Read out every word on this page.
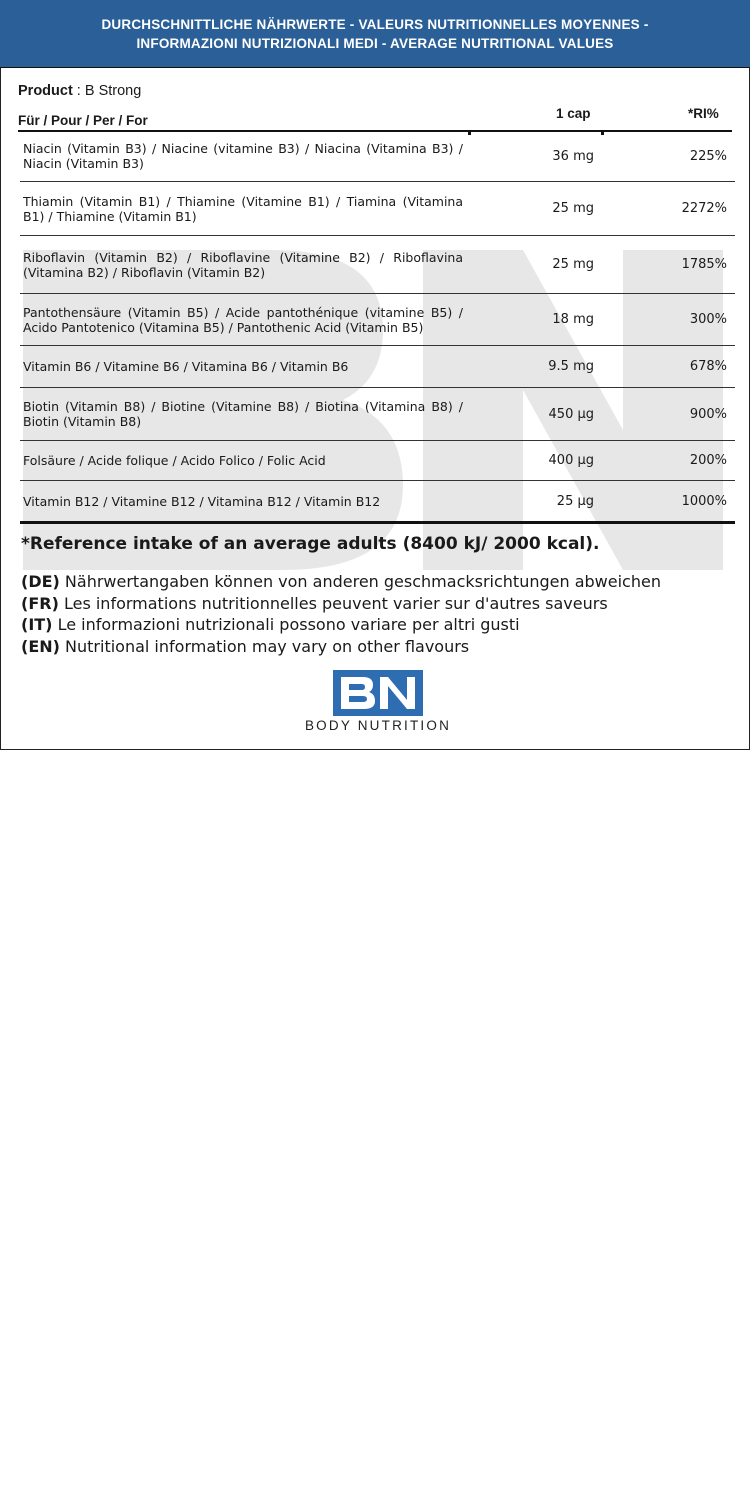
DURCHSCHNITTLICHE NÄHRWERTE - VALEURS NUTRITIONNELLES MOYENNES -
INFORMAZIONI NUTRIZIONALI MEDI - AVERAGE NUTRITIONAL VALUES
Product : B Strong
Für / Pour / Per / For	1 cap	*RI%
Niacin (Vitamin B3) / Niacine (vitamine B3) / Niacina (Vitamina B3) / Niacin (Vitamin B3)	36 mg	225%
Thiamin (Vitamin B1) / Thiamine (Vitamine B1) / Tiamina (Vitamina B1) / Thiamine (Vitamin B1)	25 mg	2272%
Riboflavin (Vitamin B2) / Riboflavine (Vitamine B2) / Riboflavina (Vitamina B2) / Riboflavin (Vitamin B2)	25 mg	1785%
Pantothensäure (Vitamin B5) / Acide pantothénique (vitamine B5) / Acido Pantotenico (Vitamina B5) / Pantothenic Acid (Vitamin B5)	18 mg	300%
Vitamin B6 / Vitamine B6 / Vitamina B6 / Vitamin B6	9.5 mg	678%
Biotin (Vitamin B8) / Biotine (Vitamine B8) / Biotina (Vitamina B8) / Biotin (Vitamin B8)	450 µg	900%
Folsäure / Acide folique / Acido Folico / Folic Acid	400 µg	200%
Vitamin B12 / Vitamine B12 / Vitamina B12 / Vitamin B12	25 µg	1000%
*Reference intake of an average adults (8400 kJ/ 2000 kcal).
(DE) Nährwertangaben können von anderen geschmacksrichtungen abweichen
(FR) Les informations nutritionnelles peuvent varier sur d'autres saveurs
(IT) Le informazioni nutrizionali possono variare per altri gusti
(EN) Nutritional information may vary on other flavours
BODY NUTRITION
